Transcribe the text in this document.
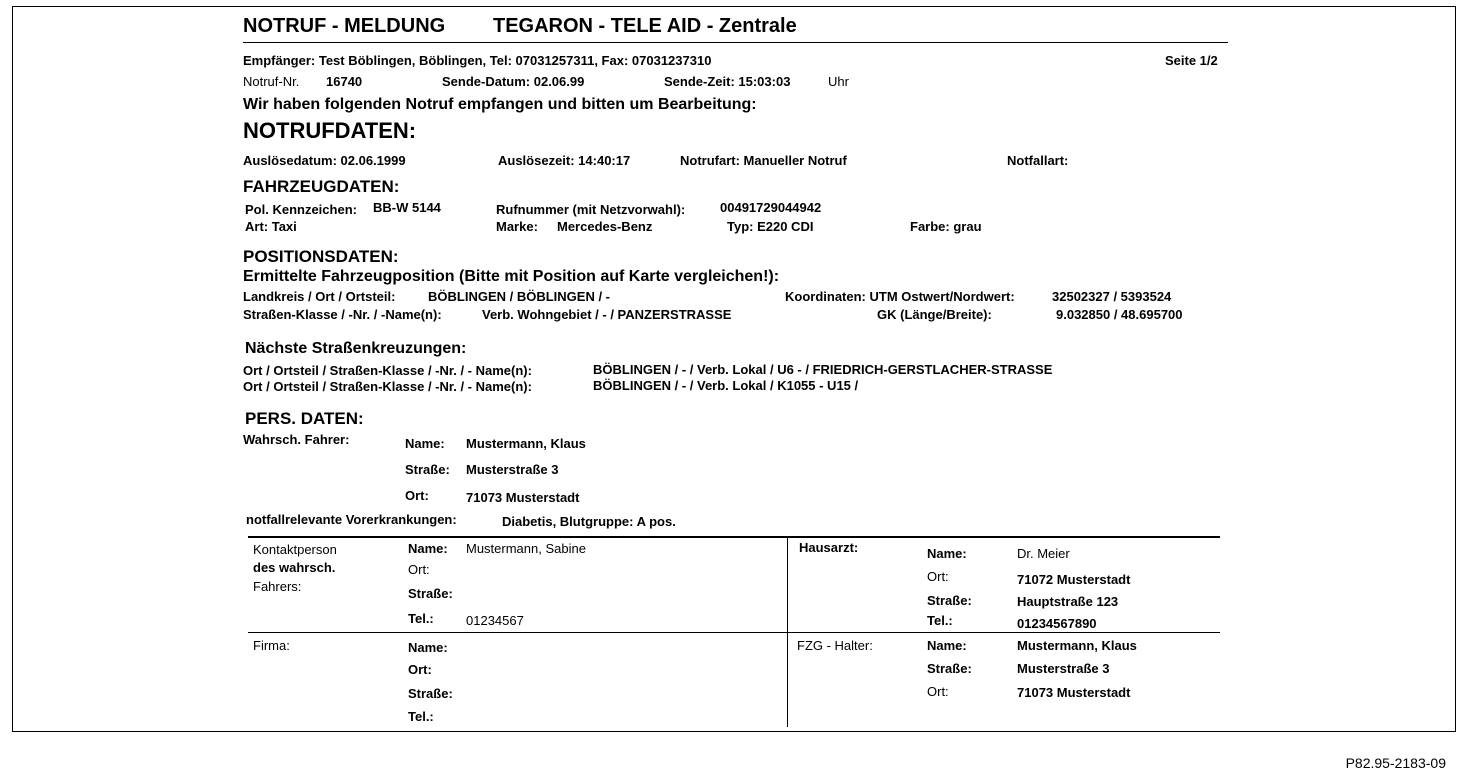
NOTRUF - MELDUNG TEGARON - TELE AID - Zentrale
Empfänger: Test Böblingen, Böblingen, Tel: 07031257311, Fax: 07031237310	Seite 1/2
Notruf-Nr. 16740	Sende-Datum: 02.06.99	Sende-Zeit: 15:03:03	Uhr
Wir haben folgenden Notruf empfangen und bitten um Bearbeitung:
NOTRUFDATEN:
Auslösedatum: 02.06.1999	Auslösezeit: 14:40:17	Notrufart: Manueller Notruf	Notfallart:
FAHRZEUGDATEN:
Pol. Kennzeichen: BB-W 5144	Rufnummer (mit Netzvorwahl):	00491729044942
Art: Taxi	Marke: Mercedes-Benz	Typ: E220 CDI	Farbe: grau
POSITIONSDATEN:
Ermittelte Fahrzeugposition (Bitte mit Position auf Karte vergleichen!):
Landkreis / Ort / Ortsteil:	BÖBLINGEN / BÖBLINGEN / -	Koordinaten: UTM Ostwert/Nordwert:	32502327 / 5393524
Straßen-Klasse / -Nr. / -Name(n):	Verb. Wohngebiet / - / PANZERSTRASSE	GK (Länge/Breite):	9.032850 / 48.695700
Nächste Straßenkreuzungen:
Ort / Ortsteil / Straßen-Klasse / -Nr. / - Name(n):	BÖBLINGEN / - / Verb. Lokal / U6 - / FRIEDRICH-GERSTLACHER-STRASSE
Ort / Ortsteil / Straßen-Klasse / -Nr. / - Name(n):	BÖBLINGEN / - / Verb. Lokal / K1055 - U15 /
PERS. DATEN:
Wahrsch. Fahrer:	Name: Mustermann, Klaus
Straße: Musterstraße 3
Ort:	71073 Musterstadt
notfallrelevante Vorerkrankungen:	Diabetis, Blutgruppe: A pos.
Kontaktperson
des wahrsch.
Fahrers:
Name: Mustermann, Sabine
Ort:
Straße:
Tel.: 01234567
Hausarzt:	Name:	Dr. Meier
Ort:	71072 Musterstadt
Straße:	Hauptstraße 123
Tel.:	01234567890
Firma:	Name:
Ort:
Straße:
Tel.:
FZG - Halter:	Name:	Mustermann, Klaus
Straße:	Musterstraße 3
Ort:	71073 Musterstadt
P82.95-2183-09
